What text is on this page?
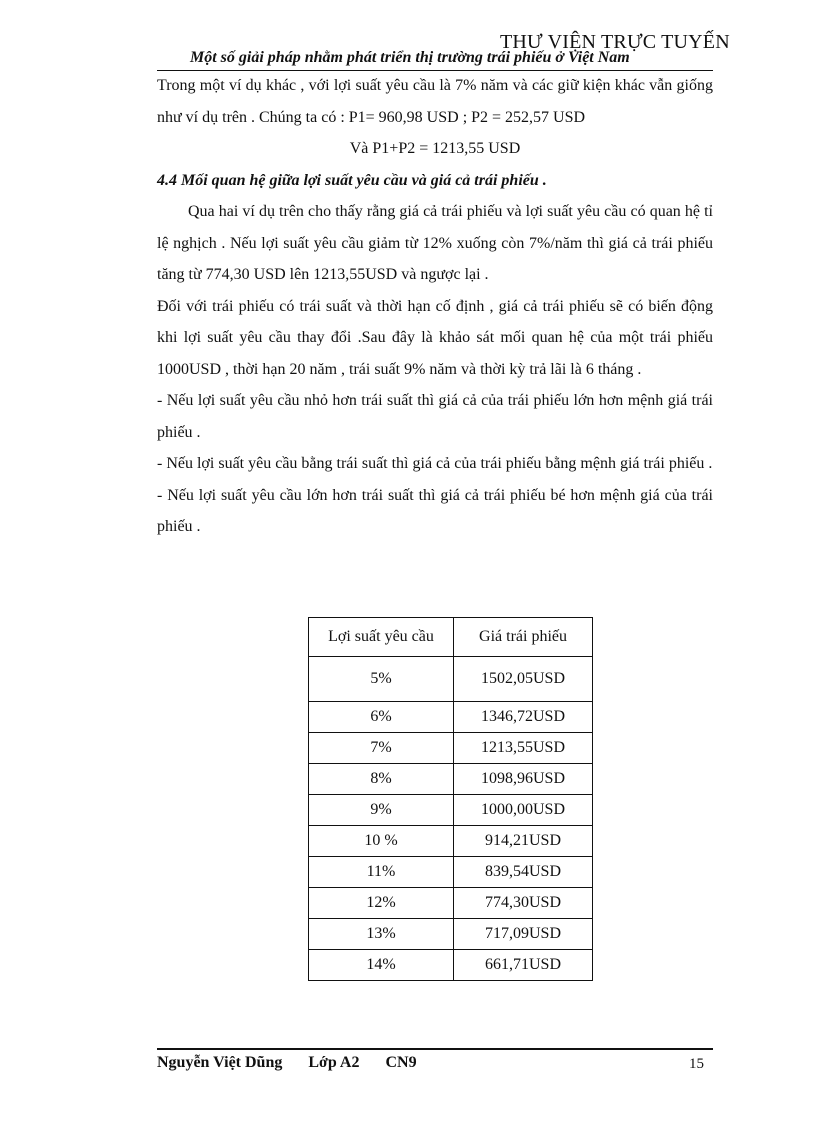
THƯ VIỆN TRỰC TUYẾN
Một số giải pháp nhằm phát triển thị trường trái phiếu ở Việt Nam

Trong một ví dụ khác , với lợi suất yêu cầu là 7% năm và các giữ kiện khác vẫn giống như ví dụ trên . Chúng ta có : P1= 960,98 USD ; P2 = 252,57 USD

Và P1+P2 = 1213,55 USD

4.4 Mối quan hệ giữa lợi suất yêu cầu và giá cả trái phiếu .

Qua hai ví dụ trên cho thấy rằng giá cả trái phiếu và lợi suất yêu cầu có quan hệ tỉ lệ nghịch . Nếu lợi suất yêu cầu giảm từ 12% xuống còn 7%/năm thì giá cả trái phiếu tăng từ 774,30 USD lên 1213,55USD và ngược lại .

Đối với trái phiếu có trái suất và thời hạn cố định , giá cả trái phiếu sẽ có biến động khi lợi suất yêu cầu thay đổi .Sau đây là khảo sát mối quan hệ của một trái phiếu 1000USD , thời hạn 20 năm , trái suất 9% năm và thời kỳ trả lãi là 6 tháng .

- Nếu lợi suất yêu cầu nhỏ hơn trái suất thì giá cả của trái phiếu lớn hơn mệnh giá trái phiếu .

- Nếu lợi suất yêu cầu bằng trái suất thì giá cả của trái phiếu bằng mệnh giá trái phiếu .

- Nếu lợi suất yêu cầu lớn hơn trái suất thì giá cả trái phiếu bé hơn mệnh giá của trái phiếu .

Lợi suất yêu cầu	Giá trái phiếu
5%	1502,05USD
6%	1346,72USD
7%	1213,55USD
8%	1098,96USD
9%	1000,00USD
10 %	914,21USD
11%	839,54USD
12%	774,30USD
13%	717,09USD
14%	661,71USD
Nguyễn Việt Dũng Lớp A2 CN9	15
